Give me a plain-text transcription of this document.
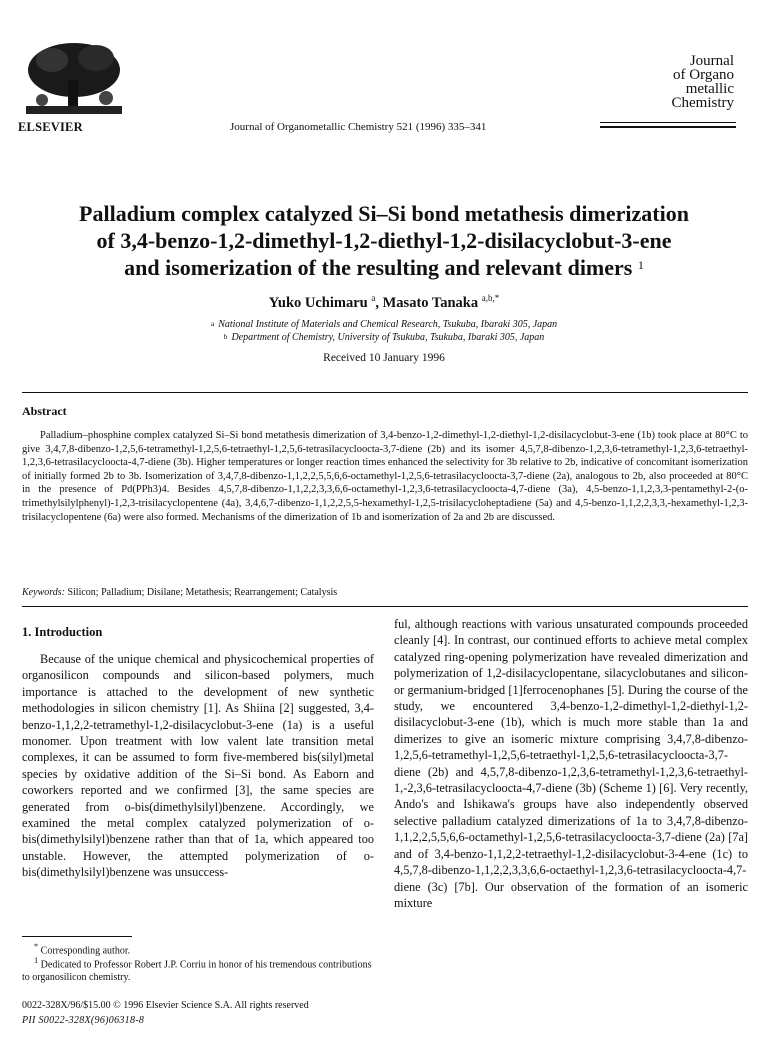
ELSEVIER	Journal of Organometallic Chemistry 521 (1996) 335–341
Journal
of Organo
metallic
Chemistry
Palladium complex catalyzed Si–Si bond metathesis dimerization
of 3,4-benzo-1,2-dimethyl-1,2-diethyl-1,2-disilacyclobut-3-ene
and isomerization of the resulting and relevant dimers $^1$
Yuko Uchimaru $^a$, Masato Tanaka $^{a,b,*}$
$^a$ National Institute of Materials and Chemical Research, Tsukuba, Ibaraki 305, Japan
$^b$ Department of Chemistry, University of Tsukuba, Tsukuba, Ibaraki 305, Japan
Received 10 January 1996
Abstract
Palladium–phosphine complex catalyzed Si–Si bond metathesis dimerization of 3,4-benzo-1,2-dimethyl-1,2-diethyl-1,2-disilacyclobut-3-ene (1b) took place at 80°C to give 3,4,7,8-dibenzo-1,2,5,6-tetramethyl-1,2,5,6-tetraethyl-1,2,5,6-tetrasilacycloocta-3,7-diene (2b) and its isomer 4,5,7,8-dibenzo-1,2,3,6-tetramethyl-1,2,3,6-tetraethyl-1,2,3,6-tetrasilacycloocta-4,7-diene (3b). Higher temperatures or longer reaction times enhanced the selectivity for 3b relative to 2b, indicative of concomitant isomerization of initially formed 2b to 3b. Isomerization of 3,4,7,8-dibenzo-1,1,2,2,5,5,6,6-octamethyl-1,2,5,6-tetrasilacycloocta-3,7-diene (2a), analogous to 2b, also proceeded at 80°C in the presence of Pd(PPh3)4. Besides 4,5,7,8-dibenzo-1,1,2,2,3,3,6,6-octamethyl-1,2,3,6-tetrasilacycloocta-4,7-diene (3a), 4,5-benzo-1,1,2,3,3-pentamethyl-2-(o-trimethylsilylphenyl)-1,2,3-trisilacyclopentene (4a), 3,4,6,7-dibenzo-1,1,2,2,5,5-hexamethyl-1,2,5-trisilacycloheptadiene (5a) and 4,5-benzo-1,1,2,2,3,3,-hexamethyl-1,2,3-trisilacyclopentene (6a) were also formed. Mechanisms of the dimerization of 1b and isomerization of 2a and 2b are discussed.
Keywords: Silicon; Palladium; Disilane; Metathesis; Rearrangement; Catalysis
1. Introduction
Because of the unique chemical and physicochemical properties of organosilicon compounds and silicon-based polymers, much importance is attached to the development of new synthetic methodologies in silicon chemistry [1]. As Shiina [2] suggested, 3,4-benzo-1,1,2,2-tetramethyl-1,2-disilacyclobut-3-ene (1a) is a useful monomer. Upon treatment with low valent late transition metal complexes, it can be assumed to form five-membered bis(silyl)metal species by oxidative addition of the Si–Si bond. As Eaborn and coworkers reported and we confirmed [3], the same species are generated from o-bis(dimethylsilyl)benzene. Accordingly, we examined the metal complex catalyzed polymerization of o-bis(dimethylsilyl)benzene rather than that of 1a, which appeared too unstable. However, the attempted polymerization of o-bis(dimethylsilyl)benzene was unsuccess-
ful, although reactions with various unsaturated compounds proceeded cleanly [4]. In contrast, our continued efforts to achieve metal complex catalyzed ring-opening polymerization have revealed dimerization and polymerization of 1,2-disilacyclopentane, silacyclobutanes and silicon- or germanium-bridged [1]ferrocenophanes [5]. During the course of the study, we encountered 3,4-benzo-1,2-dimethyl-1,2-diethyl-1,2-disilacyclobut-3-ene (1b), which is much more stable than 1a and dimerizes to give an isomeric mixture comprising 3,4,7,8-dibenzo-1,2,5,6-tetramethyl-1,2,5,6-tetraethyl-1,2,5,6-tetrasilacycloocta-3,7-diene (2b) and 4,5,7,8-dibenzo-1,2,3,6-tetramethyl-1,2,3,6-tetraethyl-1,-2,3,6-tetrasilacycloocta-4,7-diene (3b) (Scheme 1) [6]. Very recently, Ando's and Ishikawa's groups have also independently observed selective palladium catalyzed dimerizations of 1a to 3,4,7,8-dibenzo-1,1,2,2,5,5,6,6-octamethyl-1,2,5,6-tetrasilacycloocta-3,7-diene (2a) [7a] and of 3,4-benzo-1,1,2,2-tetraethyl-1,2-disilacyclobut-3-4-ene (1c) to 4,5,7,8-dibenzo-1,1,2,2,3,3,6,6-octaethyl-1,2,3,6-tetrasilacycloocta-4,7-diene (3c) [7b]. Our observation of the formation of an isomeric mixture
* Corresponding author.
$^1$ Dedicated to Professor Robert J.P. Corriu in honor of his tremendous contributions to organosilicon chemistry.
0022-328X/96/$15.00 © 1996 Elsevier Science S.A. All rights reserved
PII S0022-328X(96)06318-8
